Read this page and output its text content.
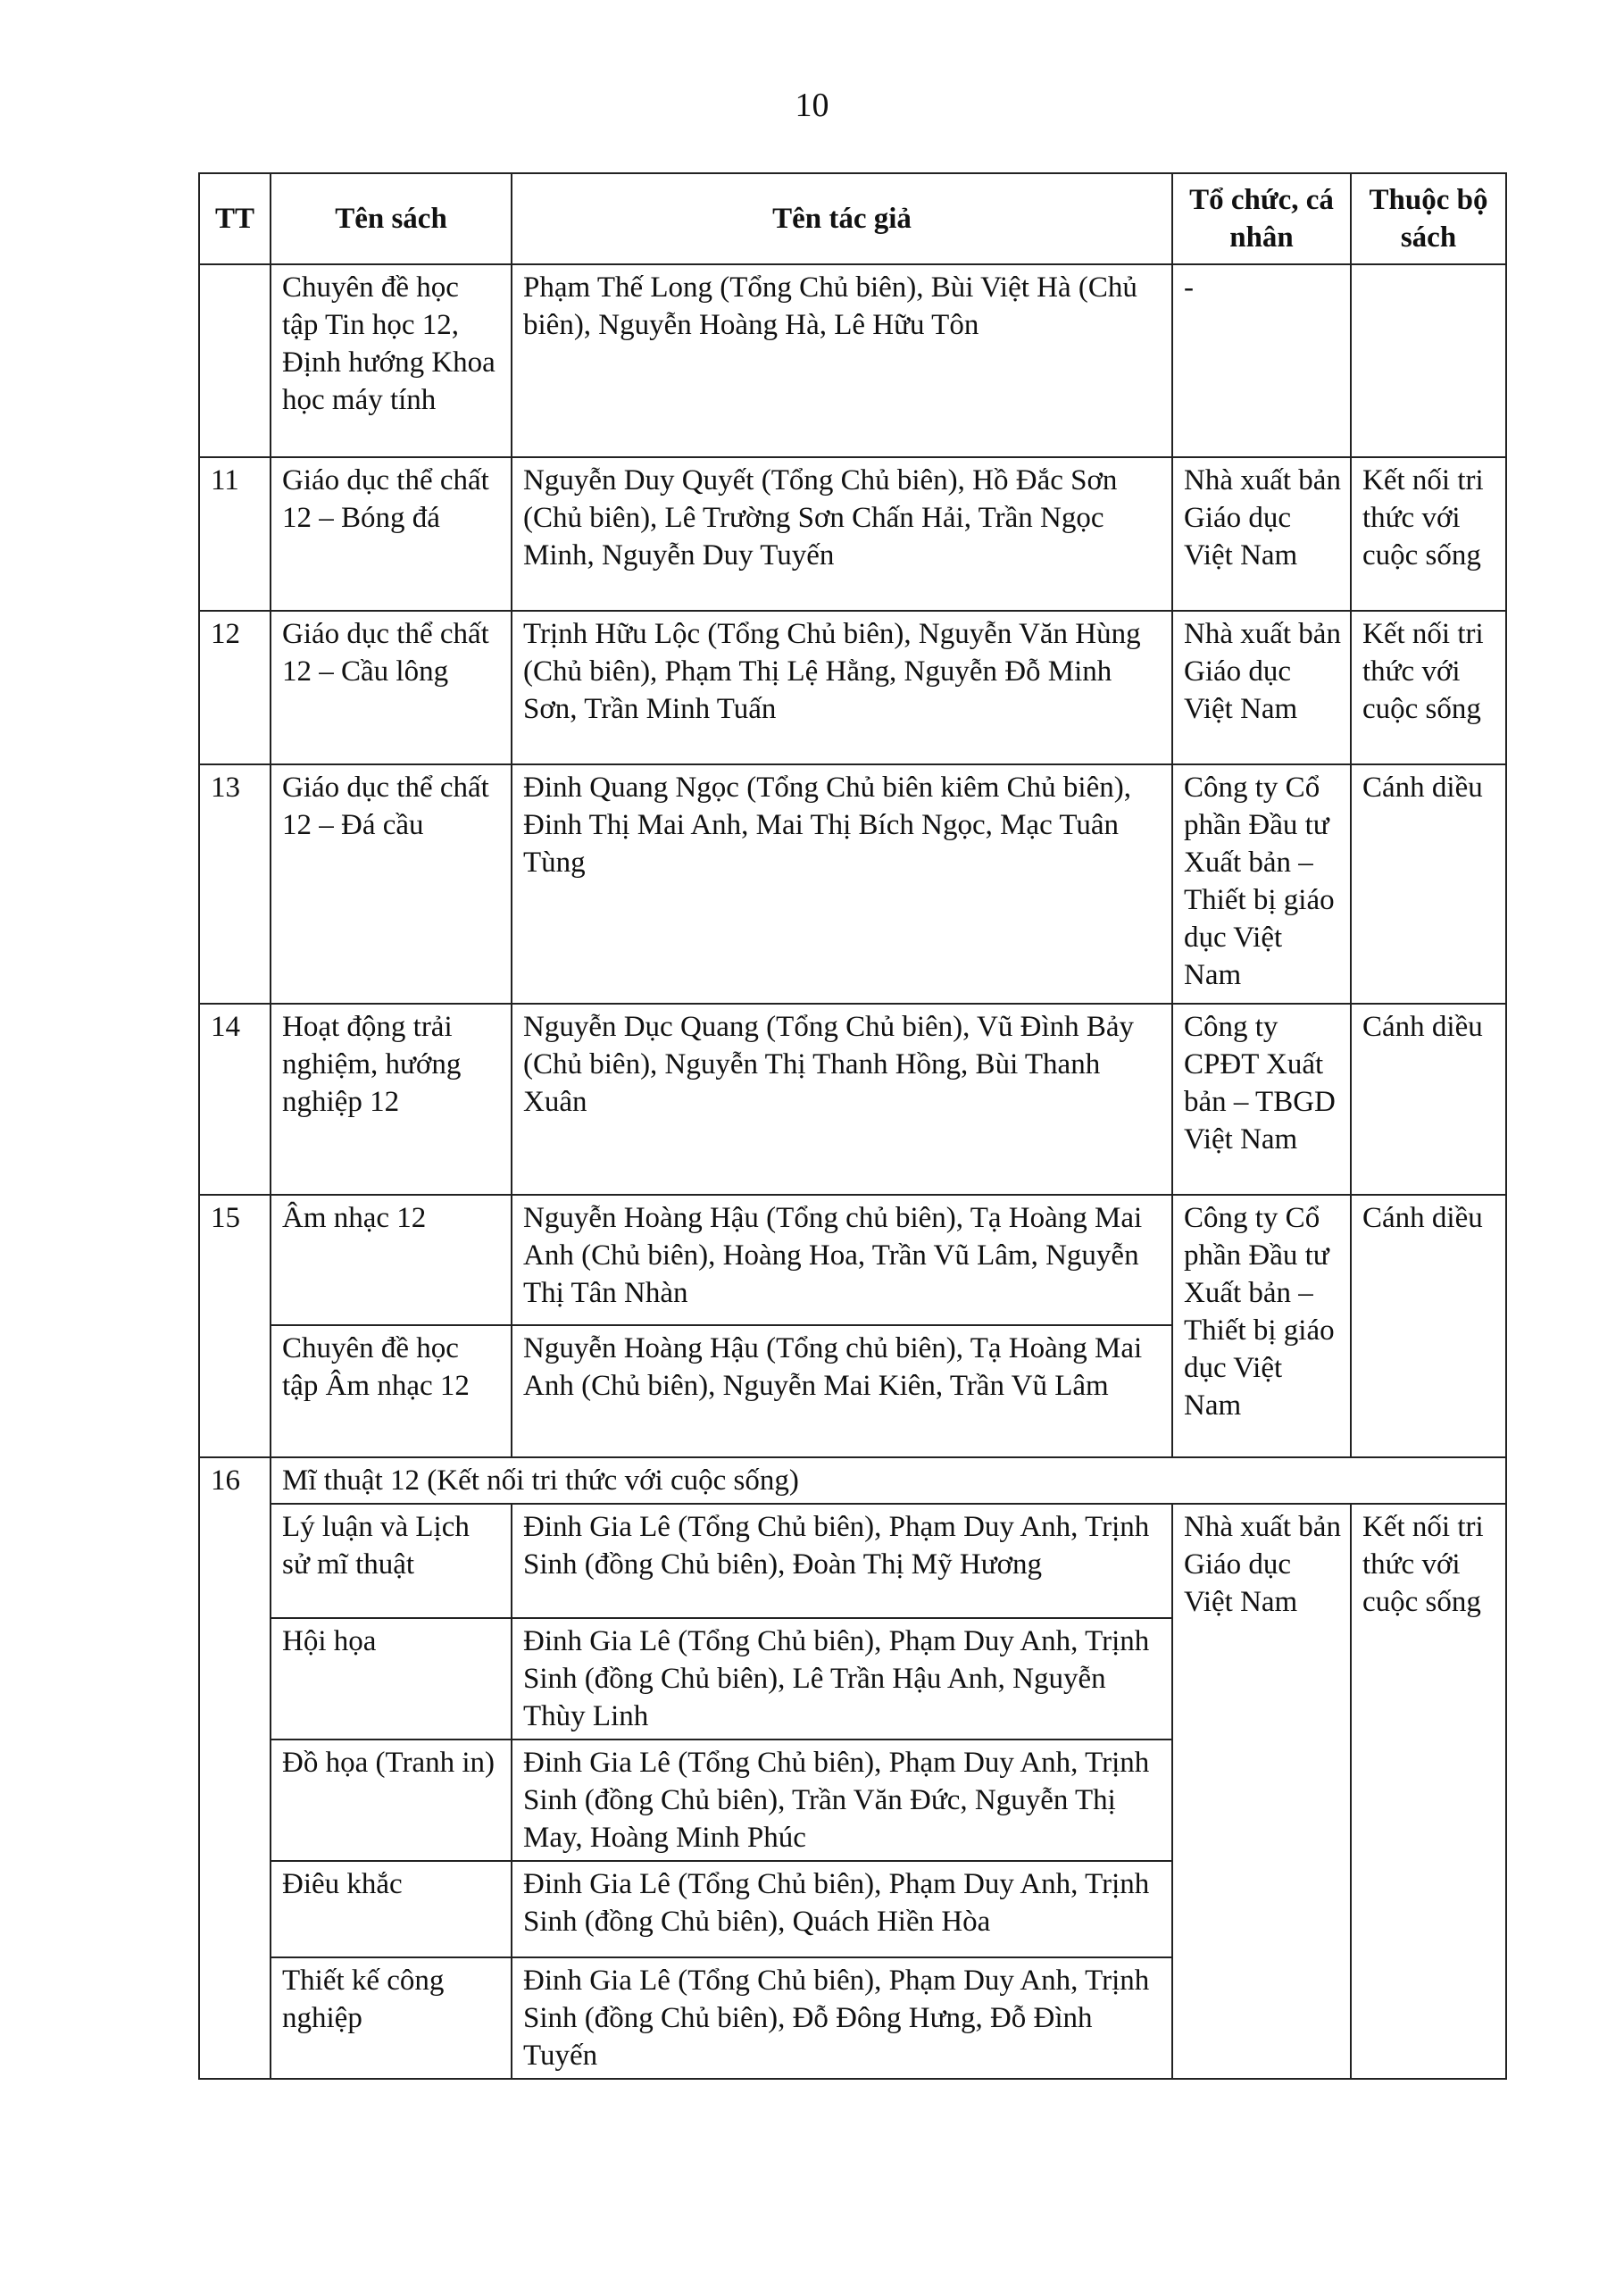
10
TT	Tên sách	Tên tác giả	Tổ chức, cá nhân	Thuộc bộ sách
	Chuyên đề học tập Tin học 12, Định hướng Khoa học máy tính	Phạm Thế Long (Tổng Chủ biên), Bùi Việt Hà (Chủ biên), Nguyễn Hoàng Hà, Lê Hữu Tôn	-	
11	Giáo dục thể chất 12 – Bóng đá	Nguyễn Duy Quyết (Tổng Chủ biên), Hồ Đắc Sơn (Chủ biên), Lê Trường Sơn Chấn Hải, Trần Ngọc Minh, Nguyễn Duy Tuyến	Nhà xuất bản Giáo dục Việt Nam	Kết nối tri thức với cuộc sống
12	Giáo dục thể chất 12 – Cầu lông	Trịnh Hữu Lộc (Tổng Chủ biên), Nguyễn Văn Hùng (Chủ biên), Phạm Thị Lệ Hằng, Nguyễn Đỗ Minh Sơn, Trần Minh Tuấn	Nhà xuất bản Giáo dục Việt Nam	Kết nối tri thức với cuộc sống
13	Giáo dục thể chất 12 – Đá cầu	Đinh Quang Ngọc (Tổng Chủ biên kiêm Chủ biên), Đinh Thị Mai Anh, Mai Thị Bích Ngọc, Mạc Tuân Tùng	Công ty Cổ phần Đầu tư Xuất bản – Thiết bị giáo dục Việt Nam	Cánh diều
14	Hoạt động trải nghiệm, hướng nghiệp 12	Nguyễn Dục Quang (Tổng Chủ biên), Vũ Đình Bảy (Chủ biên), Nguyễn Thị Thanh Hồng, Bùi Thanh Xuân	Công ty CPĐT Xuất bản – TBGD Việt Nam	Cánh diều
15	Âm nhạc 12	Nguyễn Hoàng Hậu (Tổng chủ biên), Tạ Hoàng Mai Anh (Chủ biên), Hoàng Hoa, Trần Vũ Lâm, Nguyễn Thị Tân Nhàn	Công ty Cổ phần Đầu tư Xuất bản – Thiết bị giáo dục Việt Nam	Cánh diều
	Chuyên đề học tập Âm nhạc 12	Nguyễn Hoàng Hậu (Tổng chủ biên), Tạ Hoàng Mai Anh (Chủ biên), Nguyễn Mai Kiên, Trần Vũ Lâm		
16	Mĩ thuật 12 (Kết nối tri thức với cuộc sống)			
	Lý luận và Lịch sử mĩ thuật	Đinh Gia Lê (Tổng Chủ biên), Phạm Duy Anh, Trịnh Sinh (đồng Chủ biên), Đoàn Thị Mỹ Hương	Nhà xuất bản Giáo dục Việt Nam	Kết nối tri thức với cuộc sống
	Hội họa	Đinh Gia Lê (Tổng Chủ biên), Phạm Duy Anh, Trịnh Sinh (đồng Chủ biên), Lê Trần Hậu Anh, Nguyễn Thùy Linh		
	Đồ họa (Tranh in)	Đinh Gia Lê (Tổng Chủ biên), Phạm Duy Anh, Trịnh Sinh (đồng Chủ biên), Trần Văn Đức, Nguyễn Thị May, Hoàng Minh Phúc		
	Điêu khắc	Đinh Gia Lê (Tổng Chủ biên), Phạm Duy Anh, Trịnh Sinh (đồng Chủ biên), Quách Hiền Hòa		
	Thiết kế công nghiệp	Đinh Gia Lê (Tổng Chủ biên), Phạm Duy Anh, Trịnh Sinh (đồng Chủ biên), Đỗ Đông Hưng, Đỗ Đình Tuyến		
